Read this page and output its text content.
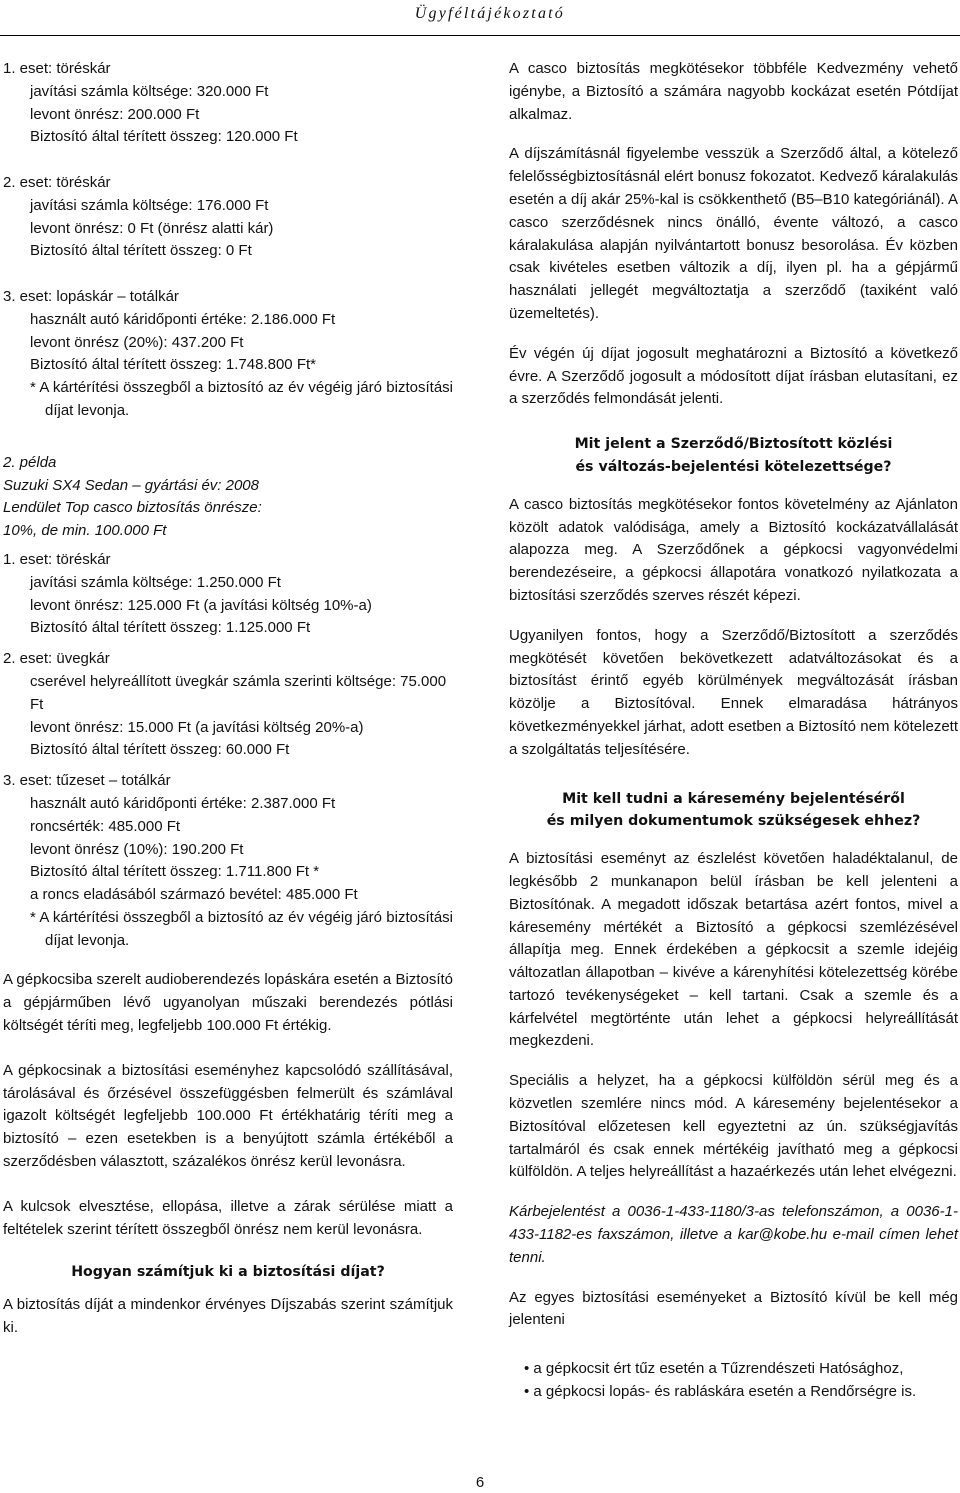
Ügyféltájékoztató

1. eset: töréskár

javítási számla költsége: 320.000 Ft

levont önrész: 200.000 Ft

Biztosító által térített összeg: 120.000 Ft

2. eset: töréskár

javítási számla költsége: 176.000 Ft

levont önrész: 0 Ft (önrész alatti kár)

Biztosító által térített összeg: 0 Ft

3. eset: lopáskár – totálkár

használt autó káridőponti értéke: 2.186.000 Ft

levont önrész (20%): 437.200 Ft

Biztosító által térített összeg: 1.748.800 Ft*

* A kártérítési összegből a biztosító az év végéig járó biztosítási díjat levonja.

2. példa

Suzuki SX4 Sedan – gyártási év: 2008

Lendület Top casco biztosítás önrésze:

10%, de min. 100.000 Ft

1. eset: töréskár

javítási számla költsége: 1.250.000 Ft

levont önrész: 125.000 Ft (a javítási költség 10%-a)

Biztosító által térített összeg: 1.125.000 Ft

2. eset: üvegkár

cserével helyreállított üvegkár számla szerinti költsége: 75.000 Ft

levont önrész: 15.000 Ft (a javítási költség 20%-a)

Biztosító által térített összeg: 60.000 Ft

3. eset: tűzeset – totálkár

használt autó káridőponti értéke: 2.387.000 Ft

roncsérték: 485.000 Ft

levont önrész (10%): 190.200 Ft

Biztosító által térített összeg: 1.711.800 Ft *

a roncs eladásából származó bevétel: 485.000 Ft

* A kártérítési összegből a biztosító az év végéig járó biztosítási díjat levonja.

A gépkocsiba szerelt audioberendezés lopáskára esetén a Biztosító a gépjárműben lévő ugyanolyan műszaki berendezés pótlási költségét téríti meg, legfeljebb 100.000 Ft értékig.

A gépkocsinak a biztosítási eseményhez kapcsolódó szállításával, tárolásával és őrzésével összefüggésben felmerült és számlával igazolt költségét legfeljebb 100.000 Ft értékhatárig téríti meg a biztosító – ezen esetekben is a benyújtott számla értékéből a szerződésben választott, százalékos önrész kerül levonásra.

A kulcsok elvesztése, ellopása, illetve a zárak sérülése miatt a feltételek szerint térített összegből önrész nem kerül levonásra.

Hogyan számítjuk ki a biztosítási díjat?

A biztosítás díját a mindenkor érvényes Díjszabás szerint számítjuk ki.

A casco biztosítás megkötésekor többféle Kedvezmény vehető igénybe, a Biztosító a számára nagyobb kockázat esetén Pótdíjat alkalmaz.

A díjszámításnál figyelembe vesszük a Szerződő által, a kötelező felelősségbiztosításnál elért bonusz fokozatot. Kedvező káralakulás esetén a díj akár 25%-kal is csökkenthető (B5–B10 kategóriánál). A casco szerződésnek nincs önálló, évente változó, a casco káralakulása alapján nyilvántartott bonusz besorolása. Év közben csak kivételes esetben változik a díj, ilyen pl. ha a gépjármű használati jellegét megváltoztatja a szerződő (taxiként való üzemeltetés).

Év végén új díjat jogosult meghatározni a Biztosító a következő évre. A Szerződő jogosult a módosított díjat írásban elutasítani, ez a szerződés felmondását jelenti.

Mit jelent a Szerződő/Biztosított közlési

és változás-bejelentési kötelezettsége?

A casco biztosítás megkötésekor fontos követelmény az Ajánlaton közölt adatok valódisága, amely a Biztosító kockázatvállalását alapozza meg. A Szerződőnek a gépkocsi vagyonvédelmi berendezéseire, a gépkocsi állapotára vonatkozó nyilatkozata a biztosítási szerződés szerves részét képezi.

Ugyanilyen fontos, hogy a Szerződő/Biztosított a szerződés megkötését követően bekövetkezett adatváltozásokat és a biztosítást érintő egyéb körülmények megváltozását írásban közölje a Biztosítóval. Ennek elmaradása hátrányos következményekkel járhat, adott esetben a Biztosító nem kötelezett a szolgáltatás teljesítésére.

Mit kell tudni a káresemény bejelentéséről

és milyen dokumentumok szükségesek ehhez?

A biztosítási eseményt az észlelést követően haladéktalanul, de legkésőbb 2 munkanapon belül írásban be kell jelenteni a Biztosítónak. A megadott időszak betartása azért fontos, mivel a káresemény mértékét a Biztosító a gépkocsi szemlézésével állapítja meg. Ennek érdekében a gépkocsit a szemle idejéig változatlan állapotban – kivéve a kárenyhítési kötelezettség körébe tartozó tevékenységeket – kell tartani. Csak a szemle és a kárfelvétel megtörténte után lehet a gépkocsi helyreállítását megkezdeni.

Speciális a helyzet, ha a gépkocsi külföldön sérül meg és a közvetlen szemlére nincs mód. A káresemény bejelentésekor a Biztosítóval előzetesen kell egyeztetni az ún. szükségjavítás tartalmáról és csak ennek mértékéig javítható meg a gépkocsi külföldön. A teljes helyreállítást a hazaérkezés után lehet elvégezni.

Kárbejelentést a 0036-1-433-1180/3-as telefonszámon, a 0036-1-433-1182-es faxszámon, illetve a kar@kobe.hu e-mail címen lehet tenni.

Az egyes biztosítási eseményeket a Biztosító kívül be kell még jelenteni

• a gépkocsit ért tűz esetén a Tűzrendészeti Hatósághoz,
• a gépkocsi lopás- és rabláskára esetén a Rendőrségre is.
6
